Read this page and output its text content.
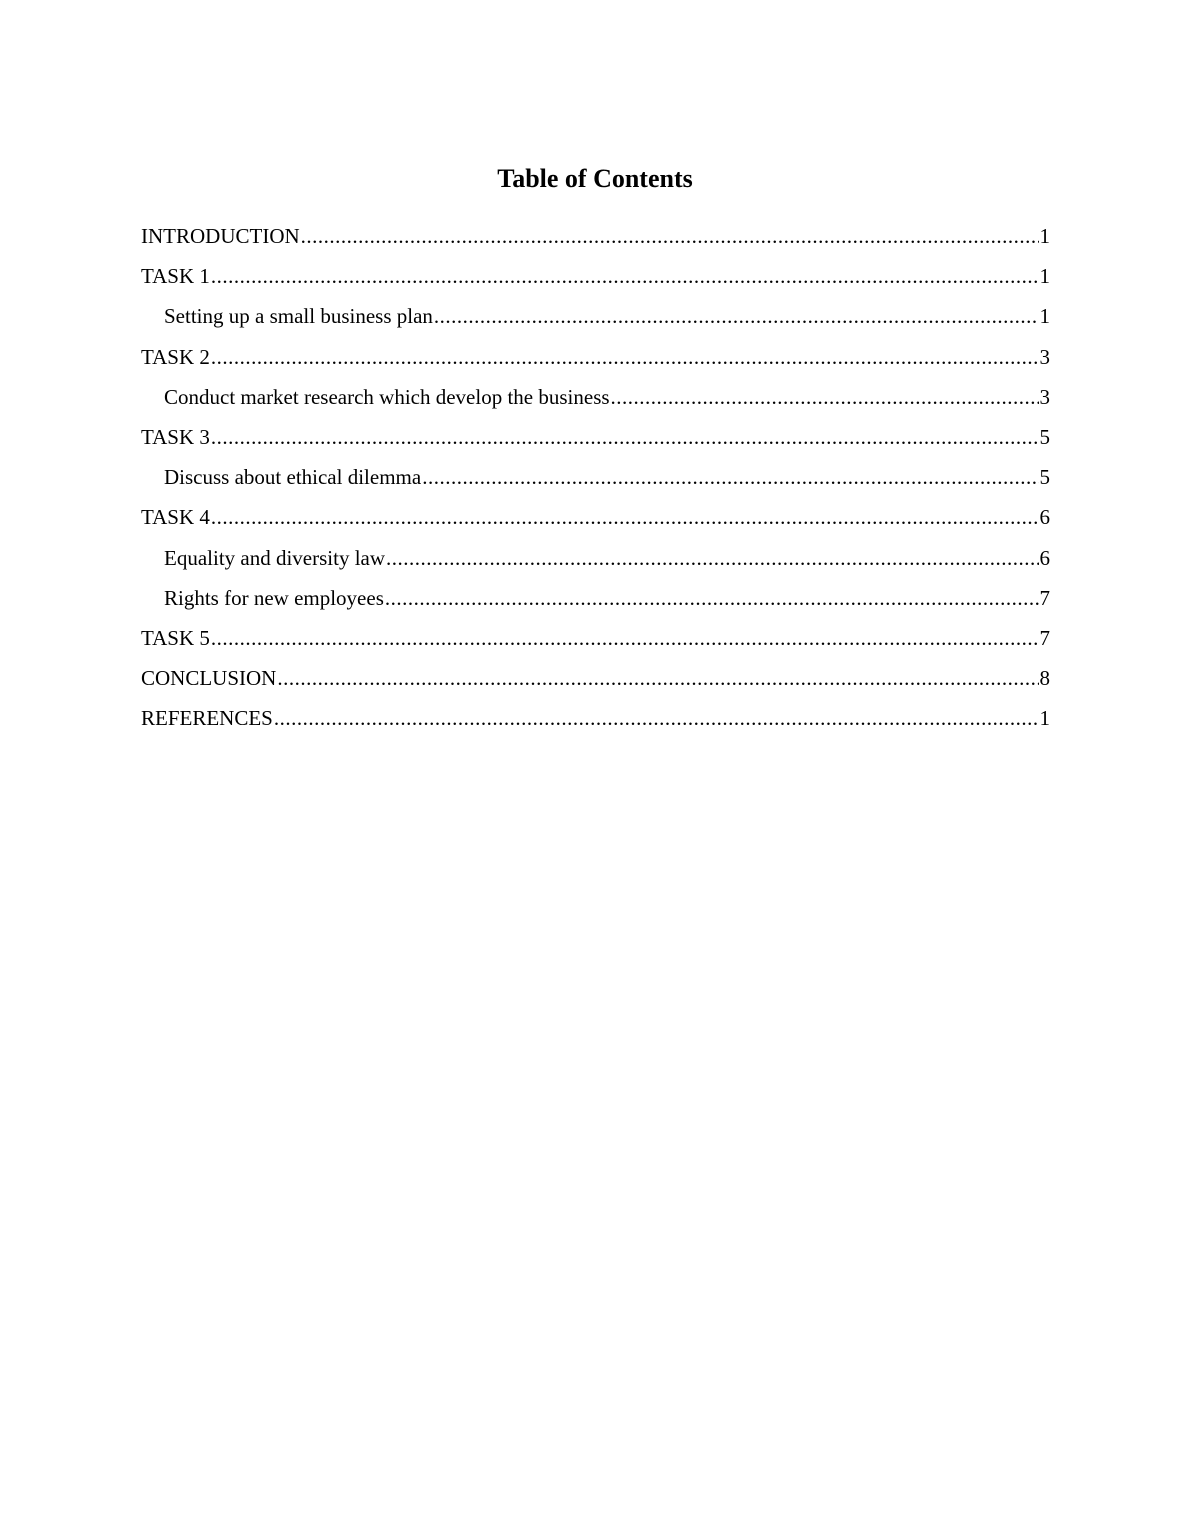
Table of Contents
INTRODUCTION .....	1
TASK 1 .....	1
Setting up a small business plan .....	1
TASK 2 .....	3
Conduct market research which develop the business .....	3
TASK 3 .....	5
Discuss about ethical dilemma .....	5
TASK 4 .....	6
Equality and diversity law .....	6
Rights for new employees .....	7
TASK 5 .....	7
CONCLUSION .....	8
REFERENCES .....	1
